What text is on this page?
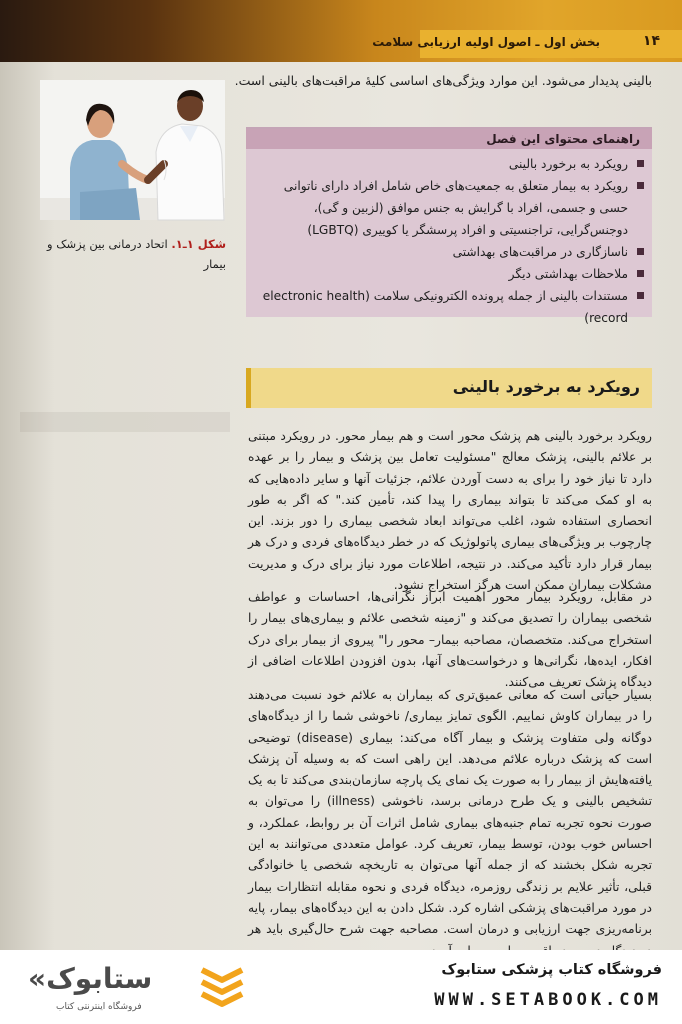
۱۴
بخش اول ـ اصول اولیه ارزیابی سلامت
بالینی پدیدار می‌شود. این موارد ویژگی‌های اساسی کلیهٔ مراقبت‌های بالینی است.
شکل ۱ـ۱. اتحاد درمانی بین پزشک و بیمار
راهنمای محتوای این فصل
رویکرد به برخورد بالینی
رویکرد به بیمار متعلق به جمعیت‌های خاص شامل افراد دارای ناتوانی حسی و جسمی، افراد با گرایش به جنس موافق (لزبین و گی)، دوجنس‌گرایی، تراجنسیتی و افراد پرسشگر یا کوییری (LGBTQ)
ناسازگاری در مراقبت‌های بهداشتی
ملاحظات بهداشتی دیگر
مستندات بالینی از جمله پرونده الکترونیکی سلامت (electronic health record)
رویکرد به برخورد بالینی

رویکرد برخورد بالینی هم پزشک محور است و هم بیمار محور. در رویکرد مبتنی بر علائم بالینی، پزشک معالج "مسئولیت تعامل بین پزشک و بیمار را بر عهده دارد تا نیاز خود را برای به دست آوردن علائم، جزئیات آنها و سایر داده‌هایی که به او کمک می‌کند تا بتواند بیماری را پیدا کند، تأمین کند." که اگر به طور انحصاری استفاده شود، اغلب می‌تواند ابعاد شخصی بیماری را دور بزند. این چارچوب بر ویژگی‌های بیماری پاتولوژیک که در خطر دیدگاه‌های فردی و درک هر بیمار قرار دارد تأکید می‌کند. در نتیجه، اطلاعات مورد نیاز برای درک و مدیریت مشکلات بیماران ممکن است هرگز استخراج نشود.

در مقابل، رویکرد بیمار محور اهمیت ابراز نگرانی‌ها، احساسات و عواطف شخصی بیماران را تصدیق می‌کند و "زمینه شخصی علائم و بیماری‌های بیمار را استخراج می‌کند. متخصصان، مصاحبه بیمار– محور را" پیروی از بیمار برای درک افکار، ایده‌ها، نگرانی‌ها و درخواست‌های آنها، بدون افزودن اطلاعات اضافی از دیدگاه پزشک تعریف می‌کنند.

بسیار حیاتی است که معانی عمیق‌تری که بیماران به علائم خود نسبت می‌دهند را در بیماران کاوش نماییم. الگوی تمایز بیماری/ ناخوشی شما را از دیدگاه‌های دوگانه ولی متفاوت پزشک و بیمار آگاه می‌کند: بیماری (disease) توضیحی است که پزشک درباره علائم می‌دهد. این راهی است که به وسیله آن پزشک یافته‌هایش از بیمار را به صورت یک نمای یک پارچه سازمان‌بندی می‌کند تا به یک تشخیص بالینی و یک طرح درمانی برسد، ناخوشی (illness) را می‌توان به صورت نحوه تجربه تمام جنبه‌های بیماری شامل اثرات آن بر روابط، عملکرد، و احساس خوب بودن، توسط بیمار، تعریف کرد. عوامل متعددی می‌توانند به این تجربه شکل بخشند که از جمله آنها می‌توان به تاریخچه شخصی یا خانوادگی قبلی، تأثیر علایم بر زندگی روزمره، دیدگاه فردی و نحوه مقابله انتظارات بیمار در مورد مراقبت‌های پزشکی اشاره کرد. شکل دادن به این دیدگاه‌های بیمار، پایه برنامه‌ریزی جهت ارزیابی و درمان است. مصاحبه جهت شرح حال‌گیری باید هر

«ستابوک
فروشگاه اینترنتی کتاب
فروشگاه کتاب پزشکی ستابوک
WWW.SETABOOK.COM
